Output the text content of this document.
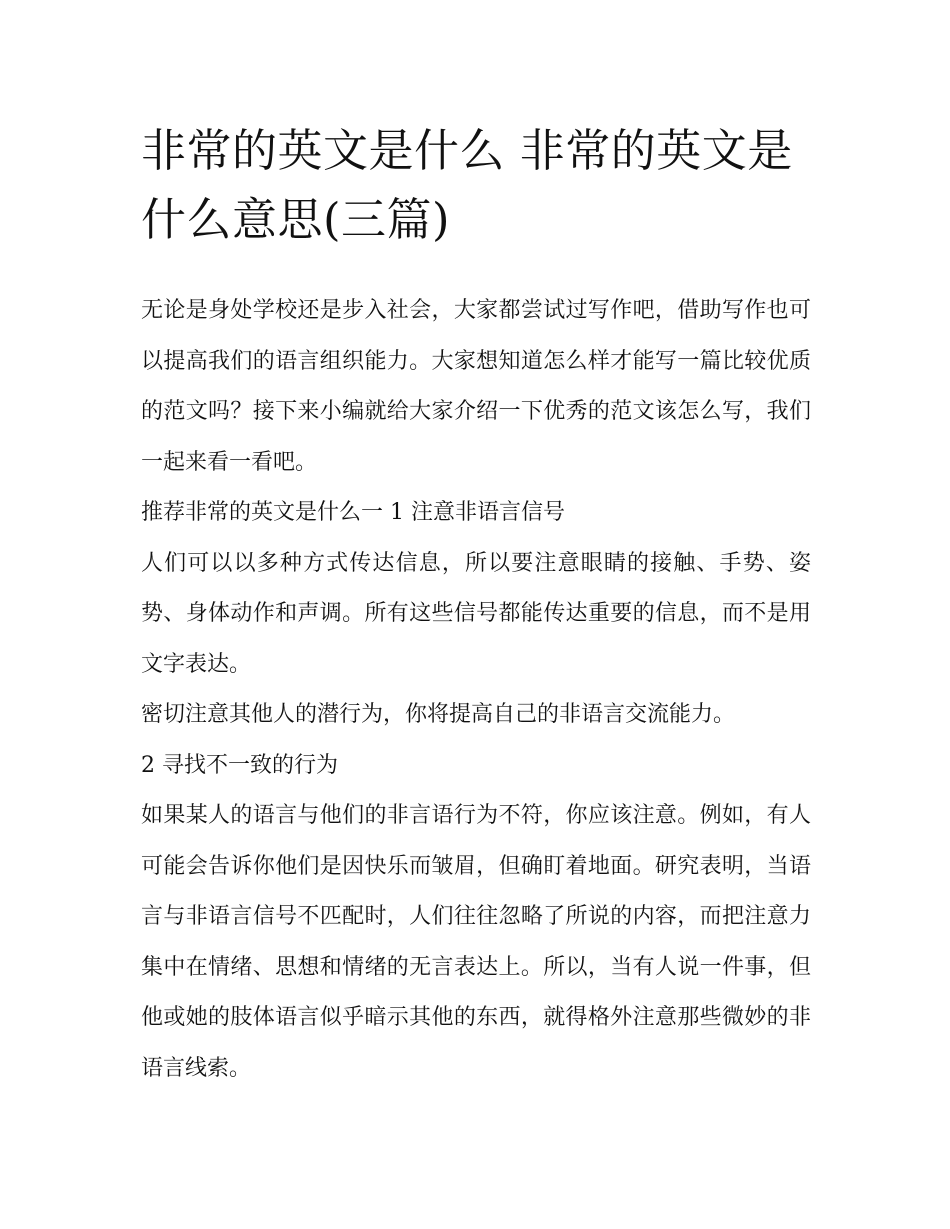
非常的英文是什么 非常的英文是什么意思(三篇)

无论是身处学校还是步入社会，大家都尝试过写作吧，借助写作也可以提高我们的语言组织能力。大家想知道怎么样才能写一篇比较优质的范文吗？接下来小编就给大家介绍一下优秀的范文该怎么写，我们一起来看一看吧。

推荐非常的英文是什么一 1 注意非语言信号

人们可以以多种方式传达信息，所以要注意眼睛的接触、手势、姿势、身体动作和声调。所有这些信号都能传达重要的信息，而不是用文字表达。

密切注意其他人的潜行为，你将提高自己的非语言交流能力。

2 寻找不一致的行为

如果某人的语言与他们的非言语行为不符，你应该注意。例如，有人可能会告诉你他们是因快乐而皱眉，但确盯着地面。研究表明，当语言与非语言信号不匹配时，人们往往忽略了所说的内容，而把注意力集中在情绪、思想和情绪的无言表达上。所以，当有人说一件事，但他或她的肢体语言似乎暗示其他的东西，就得格外注意那些微妙的非语言线索。
